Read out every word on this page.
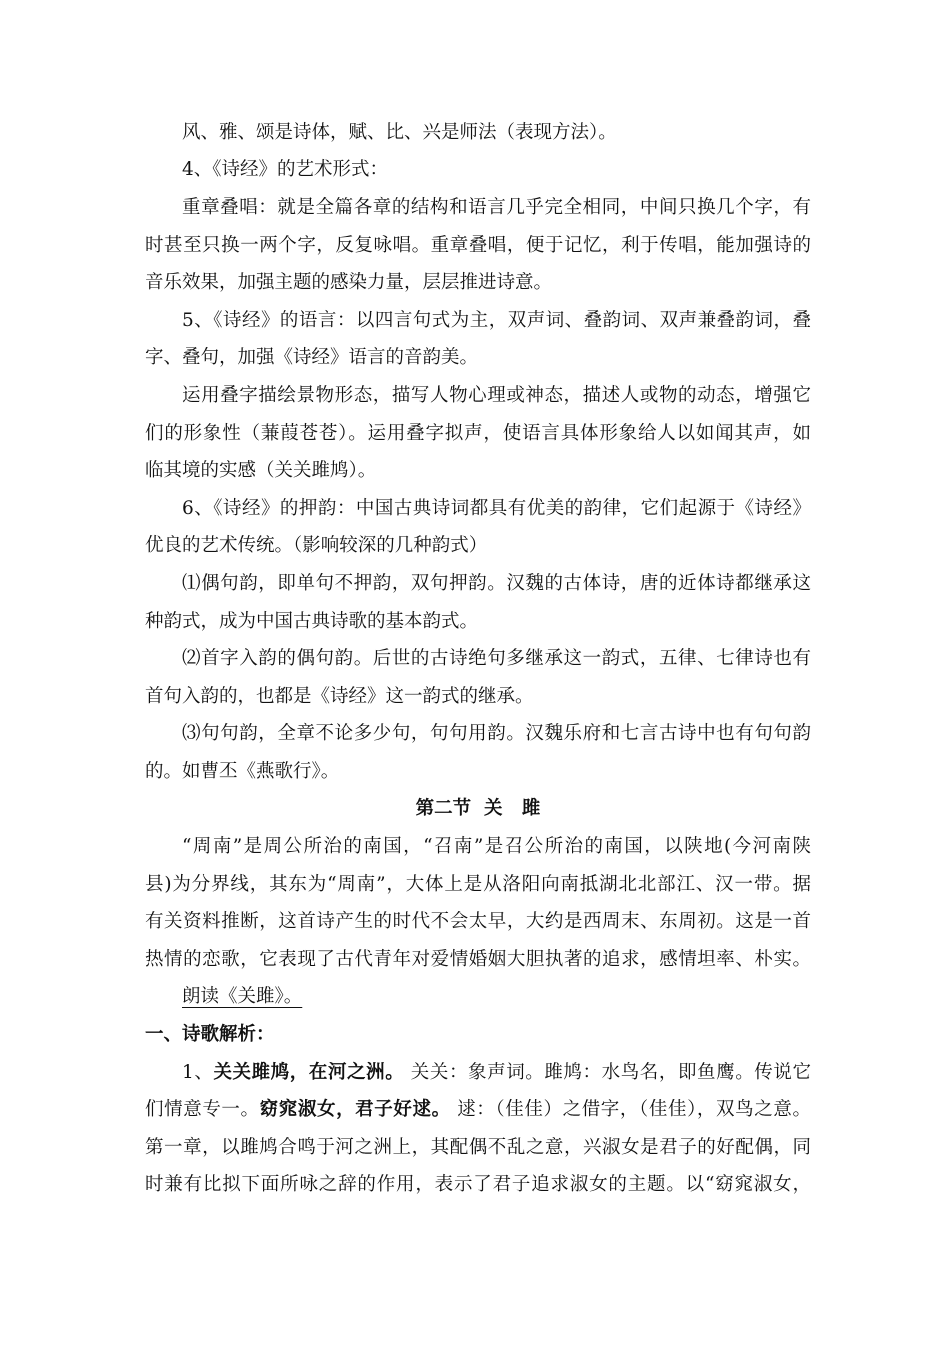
风、雅、颂是诗体，赋、比、兴是师法（表现方法）。
4、《诗经》的艺术形式：
重章叠唱：就是全篇各章的结构和语言几乎完全相同，中间只换几个字，有
时甚至只换一两个字，反复咏唱。重章叠唱，便于记忆，利于传唱，能加强诗的
音乐效果，加强主题的感染力量，层层推进诗意。
5、《诗经》的语言：以四言句式为主，双声词、叠韵词、双声兼叠韵词，叠
字、叠句，加强《诗经》语言的音韵美。
运用叠字描绘景物形态，描写人物心理或神态，描述人或物的动态，增强它
们的形象性（蒹葭苍苍）。运用叠字拟声，使语言具体形象给人以如闻其声，如
临其境的实感（关关雎鸠）。
6、《诗经》的押韵：中国古典诗词都具有优美的韵律，它们起源于《诗经》
优良的艺术传统。（影响较深的几种韵式）
⑴偶句韵，即单句不押韵，双句押韵。汉魏的古体诗，唐的近体诗都继承这
种韵式，成为中国古典诗歌的基本韵式。
⑵首字入韵的偶句韵。后世的古诗绝句多继承这一韵式，五律、七律诗也有
首句入韵的，也都是《诗经》这一韵式的继承。
⑶句句韵，全章不论多少句，句句用韵。汉魏乐府和七言古诗中也有句句韵
的。如曹丕《燕歌行》。
第二节  关   雎
“周南”是周公所治的南国，“召南”是召公所治的南国，以陕地(今河南陕
县)为分界线，其东为“周南”，大体上是从洛阳向南抵湖北北部江、汉一带。据
有关资料推断，这首诗产生的时代不会太早，大约是西周末、东周初。这是一首
热情的恋歌，它表现了古代青年对爱情婚姻大胆执著的追求，感情坦率、朴实。
朗读《关雎》。
一、诗歌解析：
1、关关雎鸠，在河之洲。 关关：象声词。雎鸠：水鸟名，即鱼鹰。传说它
们情意专一。窈窕淑女，君子好逑。 逑：（佳佳）之借字，（佳佳），双鸟之意。
第一章，以雎鸠合鸣于河之洲上，其配偶不乱之意，兴淑女是君子的好配偶，同
时兼有比拟下面所咏之辞的作用，表示了君子追求淑女的主题。以“窈窕淑女，
